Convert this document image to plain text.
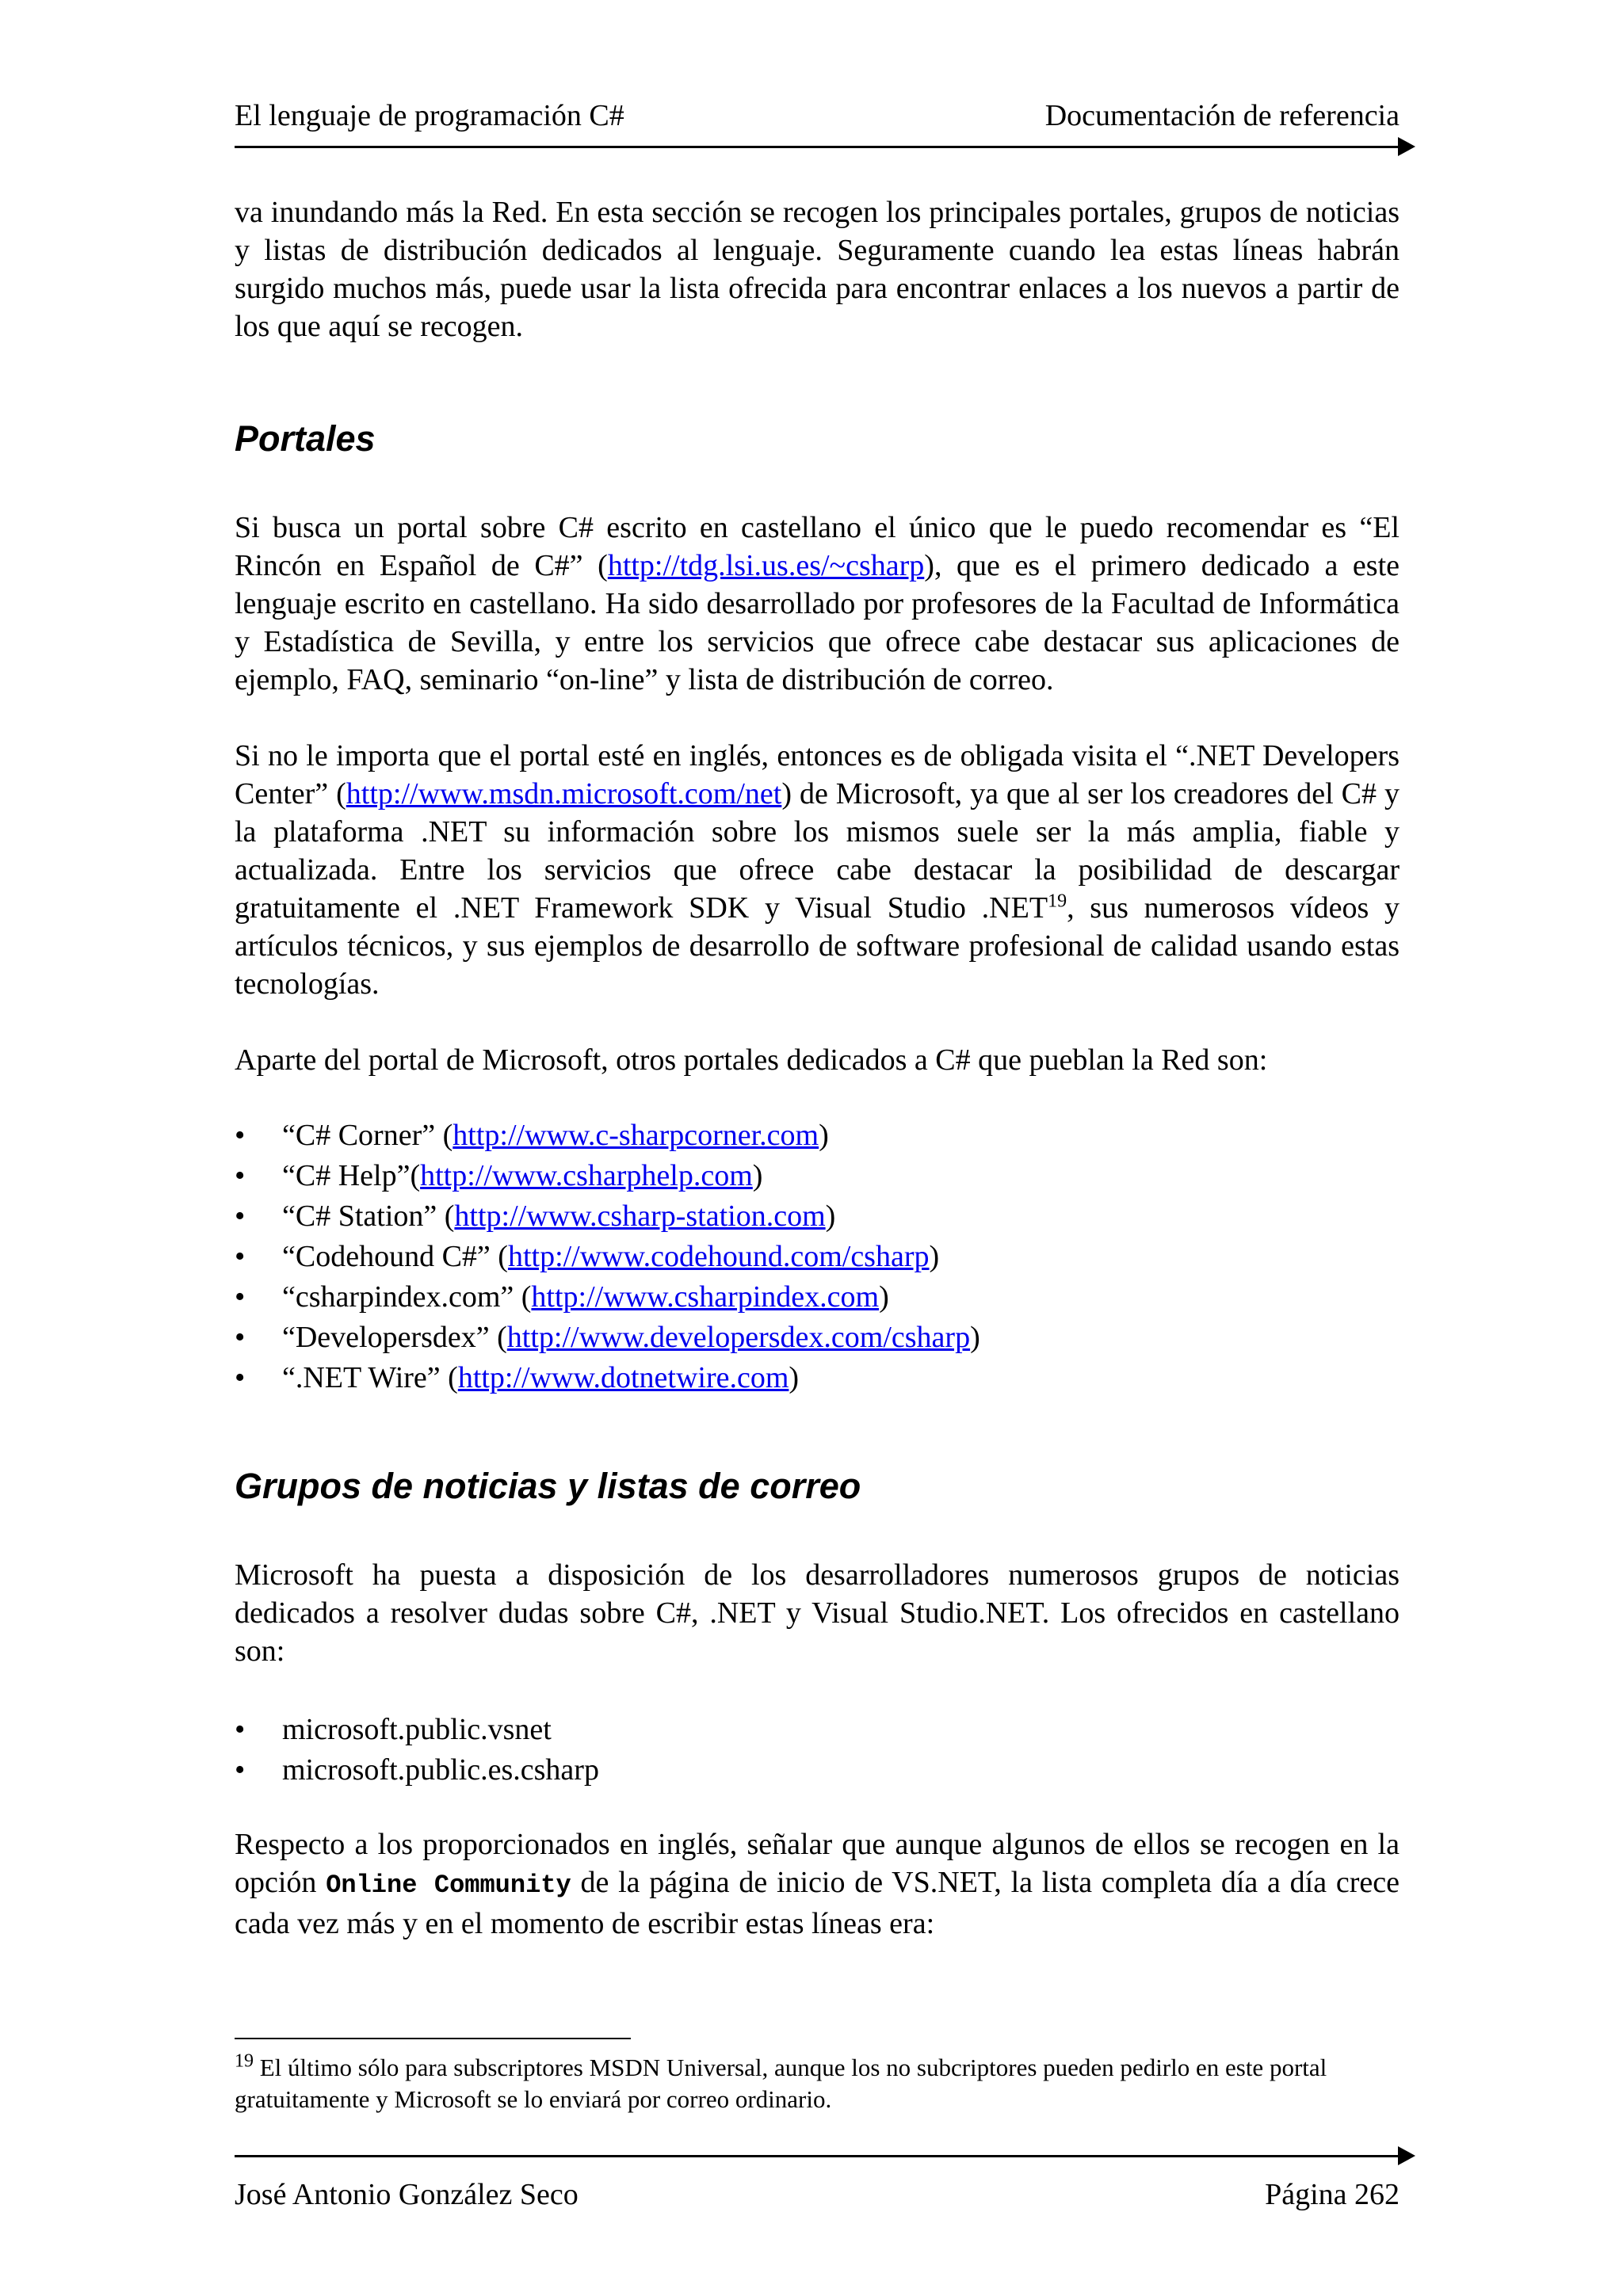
El lenguaje de programación C#	Documentación de referencia

va inundando más la Red. En esta sección se recogen los principales portales, grupos de noticias y listas de distribución dedicados al lenguaje. Seguramente cuando lea estas líneas habrán surgido muchos más, puede usar la lista ofrecida para encontrar enlaces a los nuevos a partir de los que aquí se recogen.

Portales

Si busca un portal sobre C# escrito en castellano el único que le puedo recomendar es “El Rincón en Español de C#” (http://tdg.lsi.us.es/~csharp), que es el primero dedicado a este lenguaje escrito en castellano. Ha sido desarrollado por profesores de la Facultad de Informática y Estadística de Sevilla, y entre los servicios que ofrece cabe destacar sus aplicaciones de ejemplo, FAQ, seminario “on-line” y lista de distribución de correo.

Si no le importa que el portal esté en inglés, entonces es de obligada visita el “.NET Developers Center” (http://www.msdn.microsoft.com/net) de Microsoft, ya que al ser los creadores del C# y la plataforma .NET su información sobre los mismos suele ser la más amplia, fiable y actualizada. Entre los servicios que ofrece cabe destacar la posibilidad de descargar gratuitamente el .NET Framework SDK y Visual Studio .NET$^{19}$, sus numerosos vídeos y artículos técnicos, y sus ejemplos de desarrollo de software profesional de calidad usando estas tecnologías.

Aparte del portal de Microsoft, otros portales dedicados a C# que pueblan la Red son:

• “C# Corner” (http://www.c-sharpcorner.com)
• “C# Help”(http://www.csharphelp.com)
• “C# Station” (http://www.csharp-station.com)
• “Codehound C#” (http://www.codehound.com/csharp)
• “csharpindex.com” (http://www.csharpindex.com)
• “Developersdex” (http://www.developersdex.com/csharp)
• “.NET Wire” (http://www.dotnetwire.com)
Grupos de noticias y listas de correo

Microsoft ha puesta a disposición de los desarrolladores numerosos grupos de noticias dedicados a resolver dudas sobre C#, .NET y Visual Studio.NET. Los ofrecidos en castellano son:

• microsoft.public.vsnet
• microsoft.public.es.csharp

Respecto a los proporcionados en inglés, señalar que aunque algunos de ellos se recogen en la opción Online Community de la página de inicio de VS.NET, la lista completa día a día crece cada vez más y en el momento de escribir estas líneas era:

$^{19}$ El último sólo para subscriptores MSDN Universal, aunque los no subcriptores pueden pedirlo en este portal gratuitamente y Microsoft se lo enviará por correo ordinario.

José Antonio González Seco	Página 262
